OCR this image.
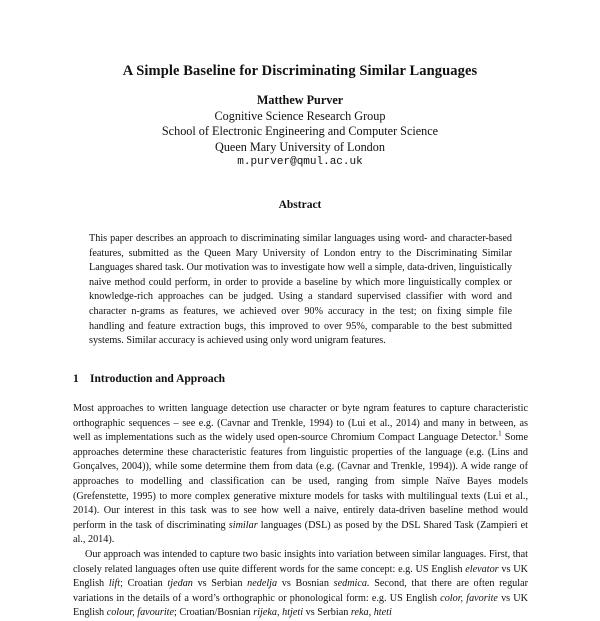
A Simple Baseline for Discriminating Similar Languages
Matthew Purver
Cognitive Science Research Group
School of Electronic Engineering and Computer Science
Queen Mary University of London
m.purver@qmul.ac.uk
Abstract
This paper describes an approach to discriminating similar languages using word- and character-based features, submitted as the Queen Mary University of London entry to the Discriminating Similar Languages shared task. Our motivation was to investigate how well a simple, data-driven, linguistically naive method could perform, in order to provide a baseline by which more linguistically complex or knowledge-rich approaches can be judged. Using a standard supervised classifier with word and character n-grams as features, we achieved over 90% accuracy in the test; on fixing simple file handling and feature extraction bugs, this improved to over 95%, comparable to the best submitted systems. Similar accuracy is achieved using only word unigram features.
1 Introduction and Approach
Most approaches to written language detection use character or byte ngram features to capture characteristic orthographic sequences – see e.g. (Cavnar and Trenkle, 1994) to (Lui et al., 2014) and many in between, as well as implementations such as the widely used open-source Chromium Compact Language Detector.$^1$ Some approaches determine these characteristic features from linguistic properties of the language (e.g. (Lins and Gonçalves, 2004)), while some determine them from data (e.g. (Cavnar and Trenkle, 1994)). A wide range of approaches to modelling and classification can be used, ranging from simple Naïve Bayes models (Grefenstette, 1995) to more complex generative mixture models for tasks with multilingual texts (Lui et al., 2014). Our interest in this task was to see how well a naive, entirely data-driven baseline method would perform in the task of discriminating similar languages (DSL) as posed by the DSL Shared Task (Zampieri et al., 2014).
Our approach was intended to capture two basic insights into variation between similar languages. First, that closely related languages often use quite different words for the same concept: e.g. US English elevator vs UK English lift; Croatian tjedan vs Serbian nedelja vs Bosnian sedmica. Second, that there are often regular variations in the details of a word’s orthographic or phonological form: e.g. US English color, favorite vs UK English colour, favourite; Croatian/Bosnian rijeka, htjeti vs Serbian reka, hteti
